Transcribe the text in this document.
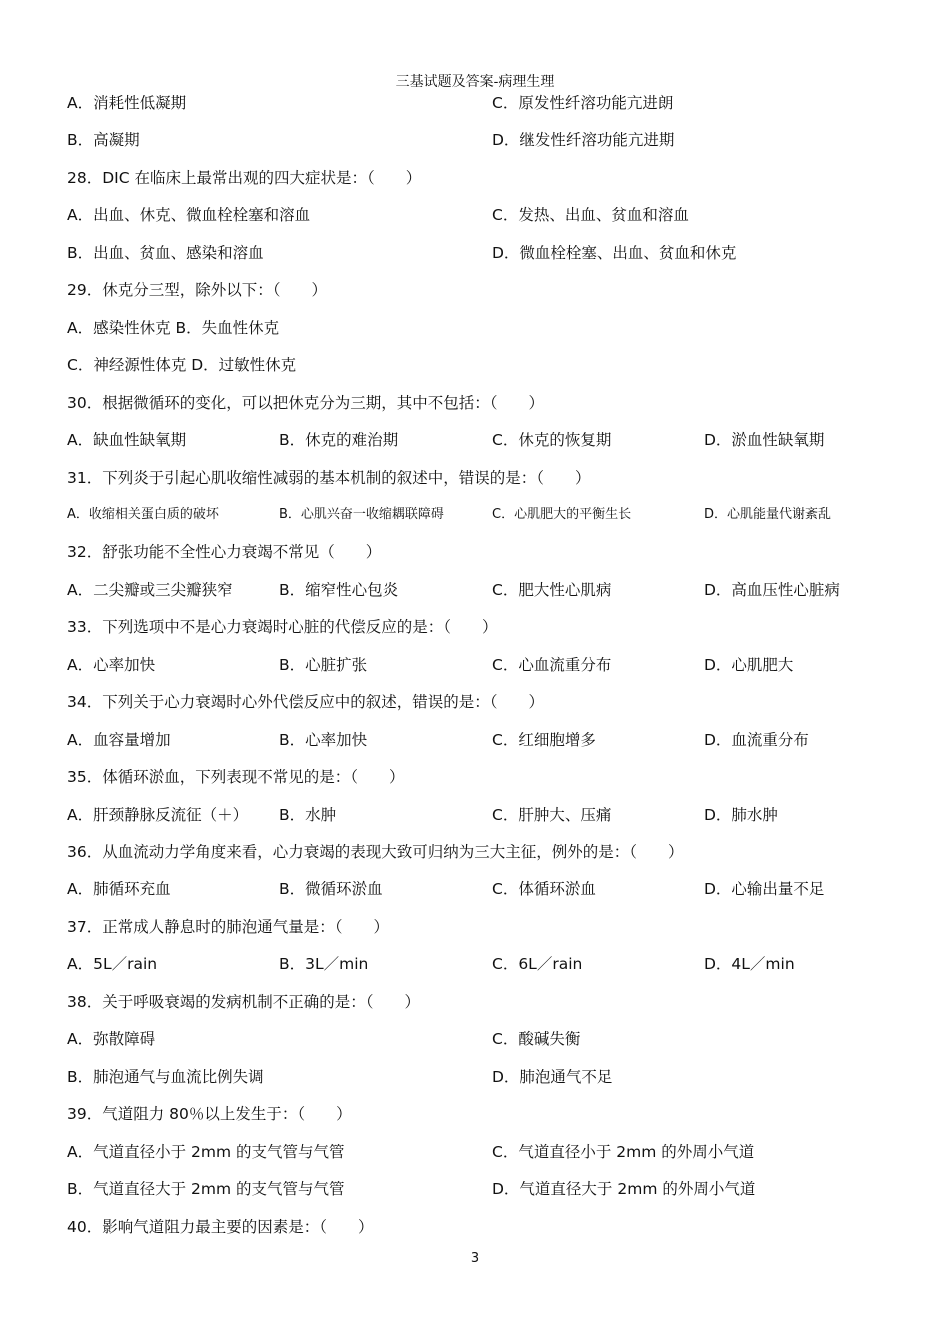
三基试题及答案-病理生理
A．消耗性低凝期	C．原发性纤溶功能亢进朗
B．高凝期	D．继发性纤溶功能亢进期
28．DIC 在临床上最常出观的四大症状是：（　　）
A．出血、休克、微血栓栓塞和溶血	C．发热、出血、贫血和溶血
B．出血、贫血、感染和溶血	D．微血栓栓塞、出血、贫血和休克
29．休克分三型，除外以下：（　　）
A．感染性休克 B．失血性休克
C．神经源性体克 D．过敏性休克
30．根据微循环的变化，可以把休克分为三期，其中不包括：（　　）
A．缺血性缺氧期	B．休克的难治期	C．休克的恢复期	D．淤血性缺氧期
31．下列炎于引起心肌收缩性减弱的基本机制的叙述中，错误的是：（　　）
A．收缩相关蛋白质的破坏	B．心肌兴奋一收缩耦联障碍	C．心肌肥大的平衡生长	D．心肌能量代谢紊乱
32．舒张功能不全性心力衰竭不常见（　　）
A．二尖瓣或三尖瓣狭窄	B．缩窄性心包炎	C．肥大性心肌病	D．高血压性心脏病
33．下列选项中不是心力衰竭时心脏的代偿反应的是：（　　）
A．心率加快	B．心脏扩张	C．心血流重分布	D．心肌肥大
34．下列关于心力衰竭时心外代偿反应中的叙述，错误的是：（　　）
A．血容量增加	B．心率加快	C．红细胞增多	D．血流重分布
35．体循环淤血，下列表现不常见的是：（　　）
A．肝颈静脉反流征（＋） B．水肿	C．肝肿大、压痛	D．肺水肿
36．从血流动力学角度来看，心力衰竭的表现大致可归纳为三大主征，例外的是：（　　）
A．肺循环充血	B．微循环淤血	C．体循环淤血	D．心输出量不足
37．正常成人静息时的肺泡通气量是：（　　）
A．5L／rain	B．3L／min	C．6L／rain	D．4L／min
38．关于呼吸衰竭的发病机制不正确的是：（　　）
A．弥散障碍	C．酸碱失衡
B．肺泡通气与血流比例失调	D．肺泡通气不足
39．气道阻力 80％以上发生于：（　　）
A．气道直径小于 2mm 的支气管与气管	C．气道直径小于 2mm 的外周小气道
B．气道直径大于 2mm 的支气管与气管	D．气道直径大于 2mm 的外周小气道
40．影响气道阻力最主要的因素是：（　　）
3
